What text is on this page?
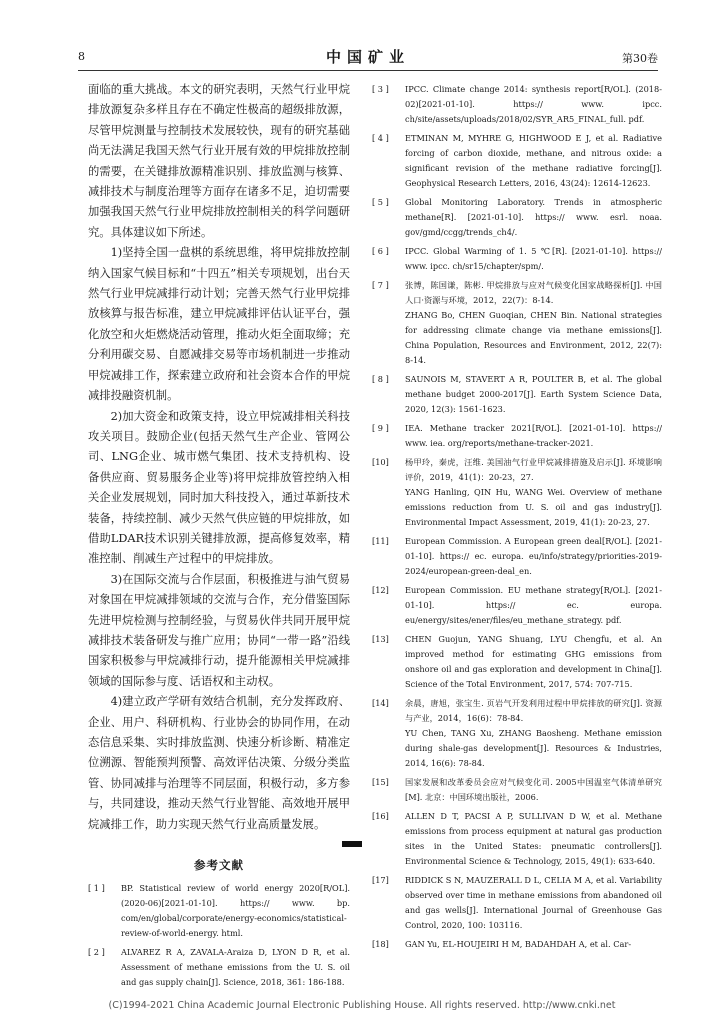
8	中国矿业	第30卷

面临的重大挑战。本文的研究表明，天然气行业甲烷排放源复杂多样且存在不确定性极高的超级排放源，尽管甲烷测量与控制技术发展较快，现有的研究基础尚无法满足我国天然气行业开展有效的甲烷排放控制的需要，在关键排放源精准识别、排放监测与核算、减排技术与制度治理等方面存在诸多不足，迫切需要加强我国天然气行业甲烷排放控制相关的科学问题研究。具体建议如下所述。

1)坚持全国一盘棋的系统思维，将甲烷排放控制纳入国家气候目标和“十四五”相关专项规划，出台天然气行业甲烷减排行动计划；完善天然气行业甲烷排放核算与报告标准，建立甲烷减排评估认证平台，强化放空和火炬燃烧活动管理，推动火炬全面取缔；充分利用碳交易、自愿减排交易等市场机制进一步推动甲烷减排工作，探索建立政府和社会资本合作的甲烷减排投融资机制。

2)加大资金和政策支持，设立甲烷减排相关科技攻关项目。鼓励企业(包括天然气生产企业、管网公司、LNG企业、城市燃气集团、技术支持机构、设备供应商、贸易服务企业等)将甲烷排放管控纳入相关企业发展规划，同时加大科技投入，通过革新技术装备，持续控制、减少天然气供应链的甲烷排放，如借助LDAR技术识别关键排放源，提高修复效率，精准控制、削减生产过程中的甲烷排放。

3)在国际交流与合作层面，积极推进与油气贸易对象国在甲烷减排领域的交流与合作，充分借鉴国际先进甲烷检测与控制经验，与贸易伙伴共同开展甲烷减排技术装备研发与推广应用；协同“一带一路”沿线国家积极参与甲烷减排行动，提升能源相关甲烷减排领域的国际参与度、话语权和主动权。

4)建立政产学研有效结合机制，充分发挥政府、企业、用户、科研机构、行业协会的协同作用，在动态信息采集、实时排放监测、快速分析诊断、精准定位溯源、智能预判预警、高效评估决策、分级分类监管、协同减排与治理等不同层面，积极行动，多方参与，共同建设，推动天然气行业智能、高效地开展甲烷减排工作，助力实现天然气行业高质量发展。

参考文献
[ 1 ]	BP. Statistical review of world energy 2020[R/OL]. (2020-06)[2021-01-10]. https:// www. bp. com/en/global/corporate/energy-economics/statistical-review-of-world-energy. html.
[ 2 ]	ALVAREZ R A, ZAVALA-Araiza D, LYON D R, et al. Assessment of methane emissions from the U. S. oil and gas supply chain[J]. Science, 2018, 361: 186-188.
[ 3 ]	IPCC. Climate change 2014: synthesis report[R/OL]. (2018-02)[2021-01-10]. https:// www. ipcc. ch/site/assets/uploads/2018/02/SYR_AR5_FINAL_full. pdf.
[ 4 ]	ETMINAN M, MYHRE G, HIGHWOOD E J, et al. Radiative forcing of carbon dioxide, methane, and nitrous oxide: a significant revision of the methane radiative forcing[J]. Geophysical Research Letters, 2016, 43(24): 12614-12623.
[ 5 ]	Global Monitoring Laboratory. Trends in atmospheric methane[R]. [2021-01-10]. https:// www. esrl. noaa. gov/gmd/ccgg/trends_ch4/.
[ 6 ]	IPCC. Global Warming of 1. 5 ℃[R]. [2021-01-10]. https:// www. ipcc. ch/sr15/chapter/spm/.
[ 7 ]	张博，陈国谦，陈彬. 甲烷排放与应对气候变化国家战略探析[J]. 中国人口·资源与环境，2012，22(7)：8-14.
ZHANG Bo, CHEN Guoqian, CHEN Bin. National strategies for addressing climate change via methane emissions[J]. China Population, Resources and Environment, 2012, 22(7): 8-14.
[ 8 ]	SAUNOIS M, STAVERT A R, POULTER B, et al. The global methane budget 2000-2017[J]. Earth System Science Data, 2020, 12(3): 1561-1623.
[ 9 ]	IEA. Methane tracker 2021[R/OL]. [2021-01-10]. https:// www. iea. org/reports/methane-tracker-2021.
[10]	杨甲玲，秦虎，汪维. 美国油气行业甲烷减排措施及启示[J]. 环境影响评价，2019，41(1)：20-23，27.
YANG Hanling, QIN Hu, WANG Wei. Overview of methane emissions reduction from U. S. oil and gas industry[J]. Environmental Impact Assessment, 2019, 41(1): 20-23, 27.
[11]	European Commission. A European green deal[R/OL]. [2021-01-10]. https:// ec. europa. eu/info/strategy/priorities-2019-2024/european-green-deal_en.
[12]	European Commission. EU methane strategy[R/OL]. [2021-01-10]. https:// ec. europa. eu/energy/sites/ener/files/eu_methane_strategy. pdf.
[13]	CHEN Guojun, YANG Shuang, LYU Chengfu, et al. An improved method for estimating GHG emissions from onshore oil and gas exploration and development in China[J]. Science of the Total Environment, 2017, 574: 707-715.
[14]	余晨，唐旭，张宝生. 页岩气开发利用过程中甲烷排放的研究[J]. 资源与产业，2014，16(6)：78-84.
YU Chen, TANG Xu, ZHANG Baosheng. Methane emission during shale-gas development[J]. Resources & Industries, 2014, 16(6): 78-84.
[15]	国家发展和改革委员会应对气候变化司. 2005中国温室气体清单研究[M]. 北京：中国环境出版社，2006.
[16]	ALLEN D T, PACSI A P, SULLIVAN D W, et al. Methane emissions from process equipment at natural gas production sites in the United States: pneumatic controllers[J]. Environmental Science & Technology, 2015, 49(1): 633-640.
[17]	RIDDICK S N, MAUZERALL D L, CELIA M A, et al. Variability observed over time in methane emissions from abandoned oil and gas wells[J]. International Journal of Greenhouse Gas Control, 2020, 100: 103116.
[18]	GAN Yu, EL-HOUJEIRI H M, BADAHDAH A, et al. Car-
(C)1994-2021 China Academic Journal Electronic Publishing House. All rights reserved. http://www.cnki.net
